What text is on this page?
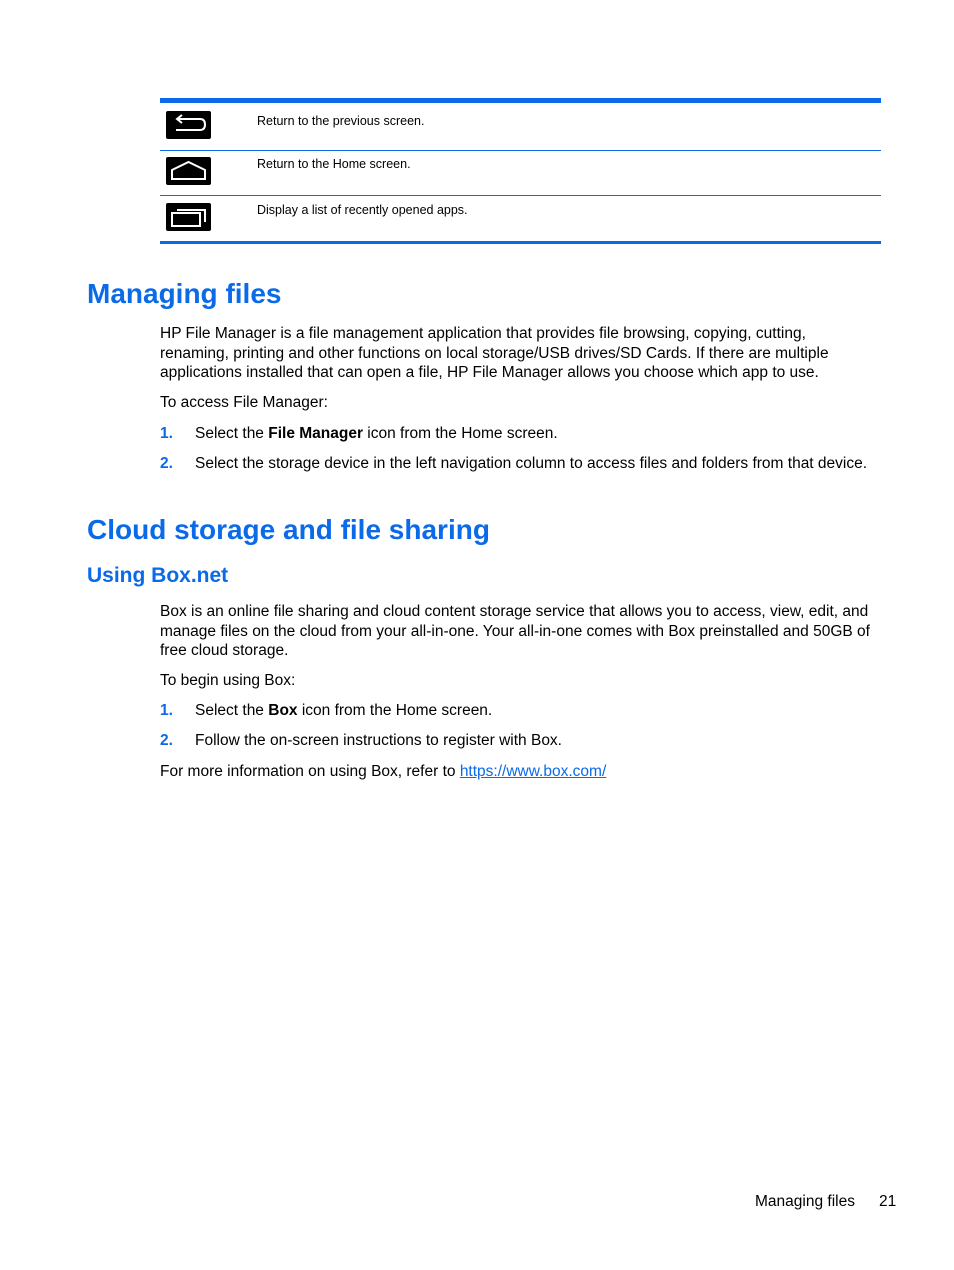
Return to the previous screen.
Return to the Home screen.
Display a list of recently opened apps.
Managing files

HP File Manager is a file management application that provides file browsing, copying, cutting, renaming, printing and other functions on local storage/USB drives/SD Cards. If there are multiple applications installed that can open a file, HP File Manager allows you choose which app to use.

To access File Manager:

1. Select the File Manager icon from the Home screen.
2. Select the storage device in the left navigation column to access files and folders from that device.
Cloud storage and file sharing
Using Box.net

Box is an online file sharing and cloud content storage service that allows you to access, view, edit, and manage files on the cloud from your all-in-one. Your all-in-one comes with Box preinstalled and 50GB of free cloud storage.

To begin using Box:

1. Select the Box icon from the Home screen.
2. Follow the on-screen instructions to register with Box.

For more information on using Box, refer to https://www.box.com/

Managing files 21
